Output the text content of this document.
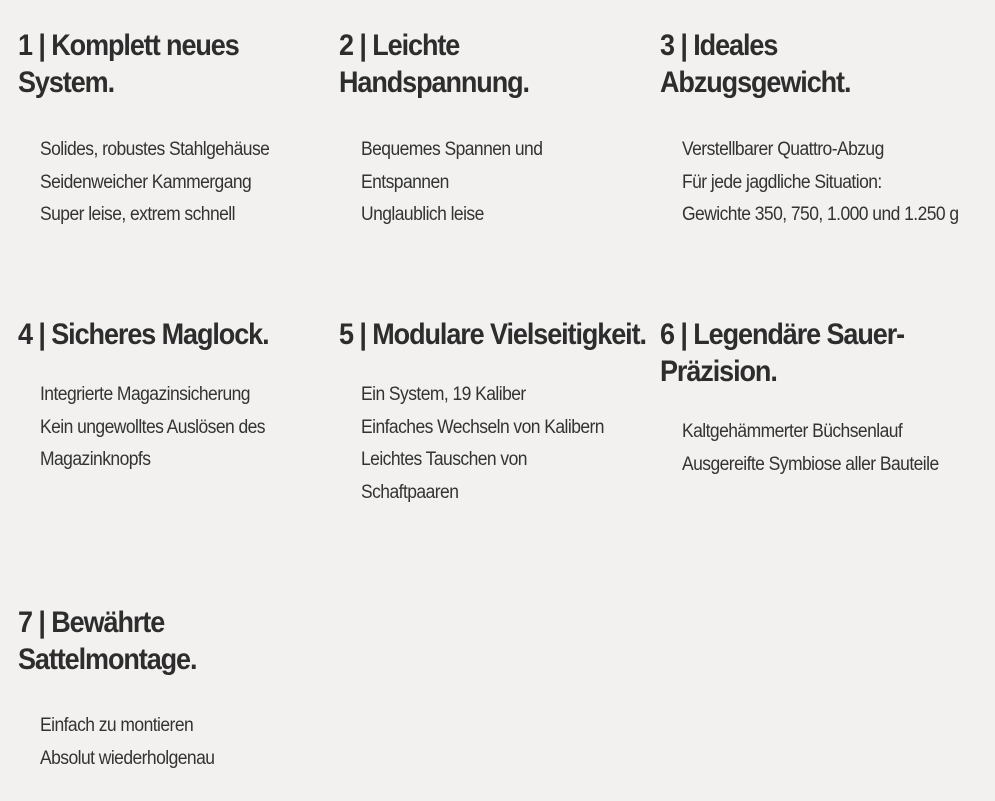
1 | Komplett neues System.
Solides, robustes Stahlgehäuse
Seidenweicher Kammergang
Super leise, extrem schnell
2 | Leichte Handspannung.
Bequemes Spannen und Entspannen
Unglaublich leise
3 | Ideales Abzugsgewicht.
Verstellbarer Quattro-Abzug
Für jede jagdliche Situation:
Gewichte 350, 750, 1.000 und 1.250 g
4 | Sicheres Maglock.
Integrierte Magazinsicherung
Kein ungewolltes Auslösen des Magazinknopfs
5 | Modulare Vielseitigkeit.
Ein System, 19 Kaliber
Einfaches Wechseln von Kalibern
Leichtes Tauschen von Schaftpaaren
6 | Legendäre Sauer-Präzision.
Kaltgehämmerter Büchsenlauf
Ausgereifte Symbiose aller Bauteile
7 | Bewährte Sattelmontage.
Einfach zu montieren
Absolut wiederholgenau
